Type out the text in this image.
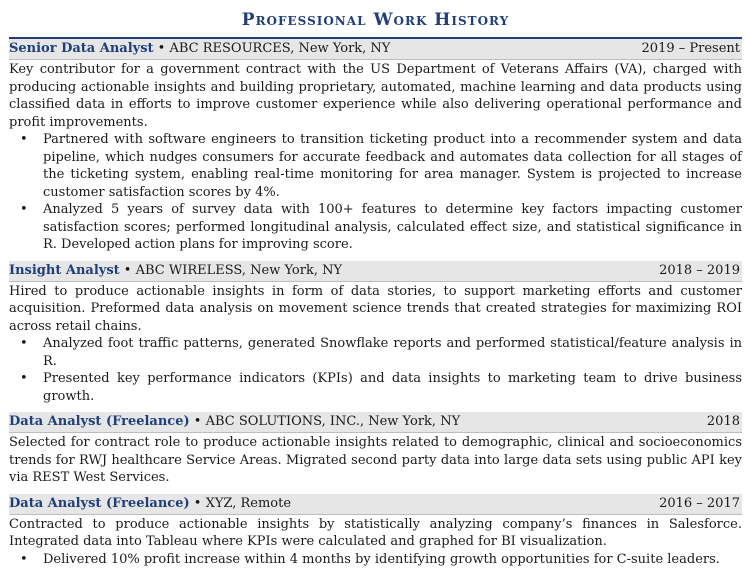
Professional Work History
Senior Data Analyst • ABC RESOURCES, New York, NY	2019 – Present

Key contributor for a government contract with the US Department of Veterans Affairs (VA), charged with producing actionable insights and building proprietary, automated, machine learning and data products using classified data in efforts to improve customer experience while also delivering operational performance and profit improvements.

• Partnered with software engineers to transition ticketing product into a recommender system and data pipeline, which nudges consumers for accurate feedback and automates data collection for all stages of the ticketing system, enabling real-time monitoring for area manager. System is projected to increase customer satisfaction scores by 4%.
• Analyzed 5 years of survey data with 100+ features to determine key factors impacting customer satisfaction scores; performed longitudinal analysis, calculated effect size, and statistical significance in R. Developed action plans for improving score.
Insight Analyst • ABC WIRELESS, New York, NY	2018 – 2019

Hired to produce actionable insights in form of data stories, to support marketing efforts and customer acquisition. Preformed data analysis on movement science trends that created strategies for maximizing ROI across retail chains.

• Analyzed foot traffic patterns, generated Snowflake reports and performed statistical/feature analysis in R.
• Presented key performance indicators (KPIs) and data insights to marketing team to drive business growth.
Data Analyst (Freelance) • ABC SOLUTIONS, INC., New York, NY	2018

Selected for contract role to produce actionable insights related to demographic, clinical and socioeconomics trends for RWJ healthcare Service Areas. Migrated second party data into large data sets using public API key via REST West Services.

Data Analyst (Freelance) • XYZ, Remote	2016 – 2017

Contracted to produce actionable insights by statistically analyzing company’s finances in Salesforce. Integrated data into Tableau where KPIs were calculated and graphed for BI visualization.

• Delivered 10% profit increase within 4 months by identifying growth opportunities for C-suite leaders.
